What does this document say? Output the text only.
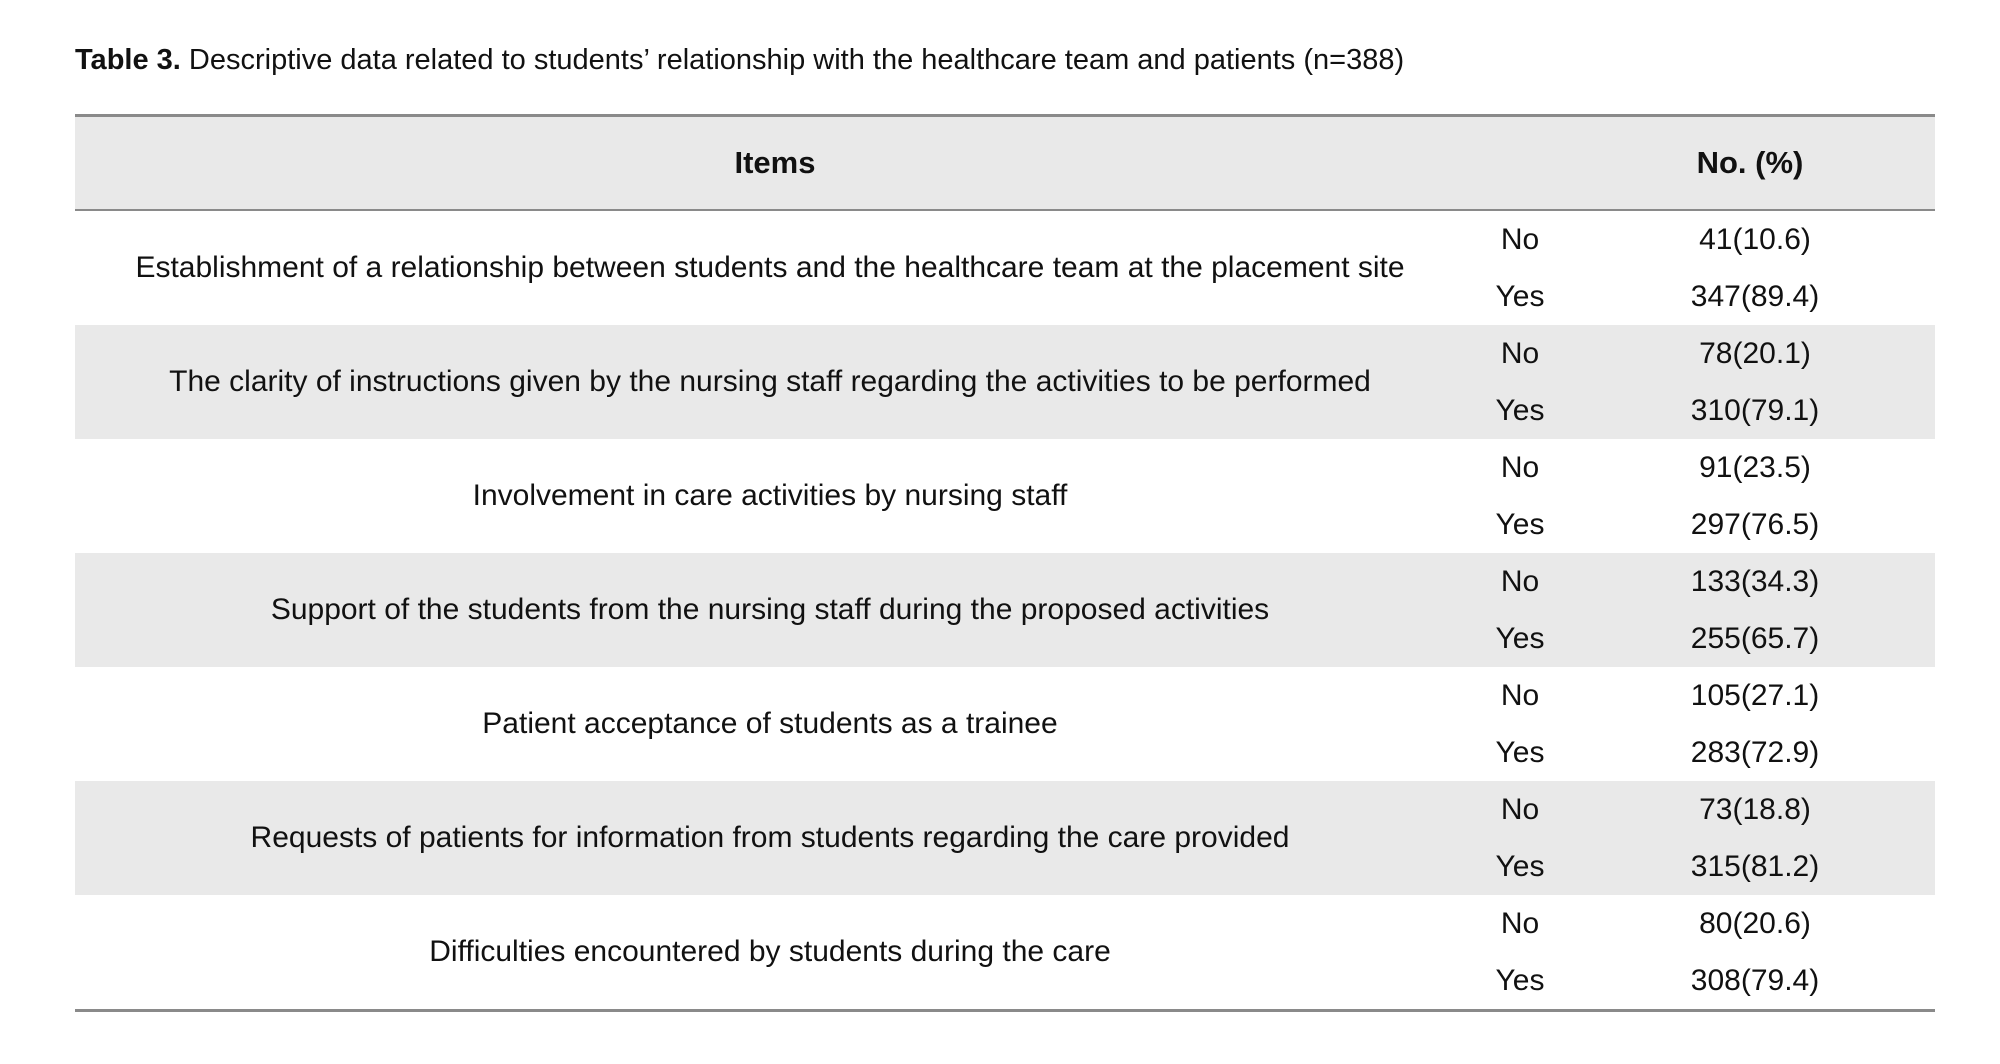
Table 3. Descriptive data related to students’ relationship with the healthcare team and patients (n=388)
Items		No. (%)
Establishment of a relationship between students and the healthcare team at the placement site	No	41(10.6)
	Yes	347(89.4)
The clarity of instructions given by the nursing staff regarding the activities to be performed	No	78(20.1)
	Yes	310(79.1)
Involvement in care activities by nursing staff	No	91(23.5)
	Yes	297(76.5)
Support of the students from the nursing staff during the proposed activities	No	133(34.3)
	Yes	255(65.7)
Patient acceptance of students as a trainee	No	105(27.1)
	Yes	283(72.9)
Requests of patients for information from students regarding the care provided	No	73(18.8)
	Yes	315(81.2)
Difficulties encountered by students during the care	No	80(20.6)
	Yes	308(79.4)
